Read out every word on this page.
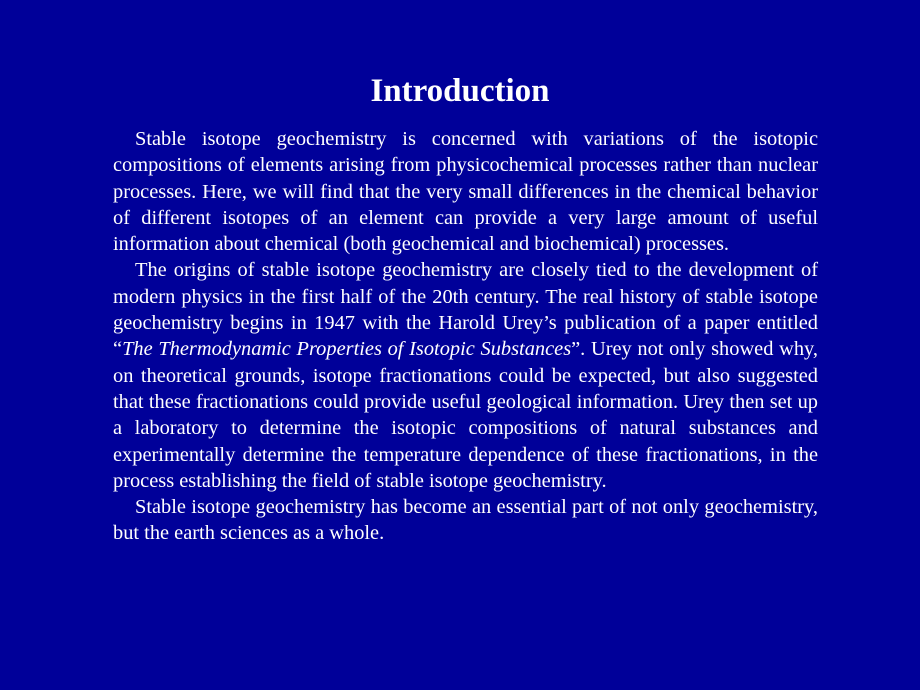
Introduction

Stable isotope geochemistry is concerned with variations of the isotopic compositions of elements arising from physicochemical processes rather than nuclear processes. Here, we will find that the very small differences in the chemical behavior of different isotopes of an element can provide a very large amount of useful information about chemical (both geochemical and biochemical) processes.

The origins of stable isotope geochemistry are closely tied to the development of modern physics in the first half of the 20th century. The real history of stable isotope geochemistry begins in 1947 with the Harold Urey’s publication of a paper entitled “The Thermodynamic Properties of Isotopic Substances”. Urey not only showed why, on theoretical grounds, isotope fractionations could be expected, but also suggested that these fractionations could provide useful geological information. Urey then set up a laboratory to determine the isotopic compositions of natural substances and experimentally determine the temperature dependence of these fractionations, in the process establishing the field of stable isotope geochemistry.

Stable isotope geochemistry has become an essential part of not only geochemistry, but the earth sciences as a whole.
